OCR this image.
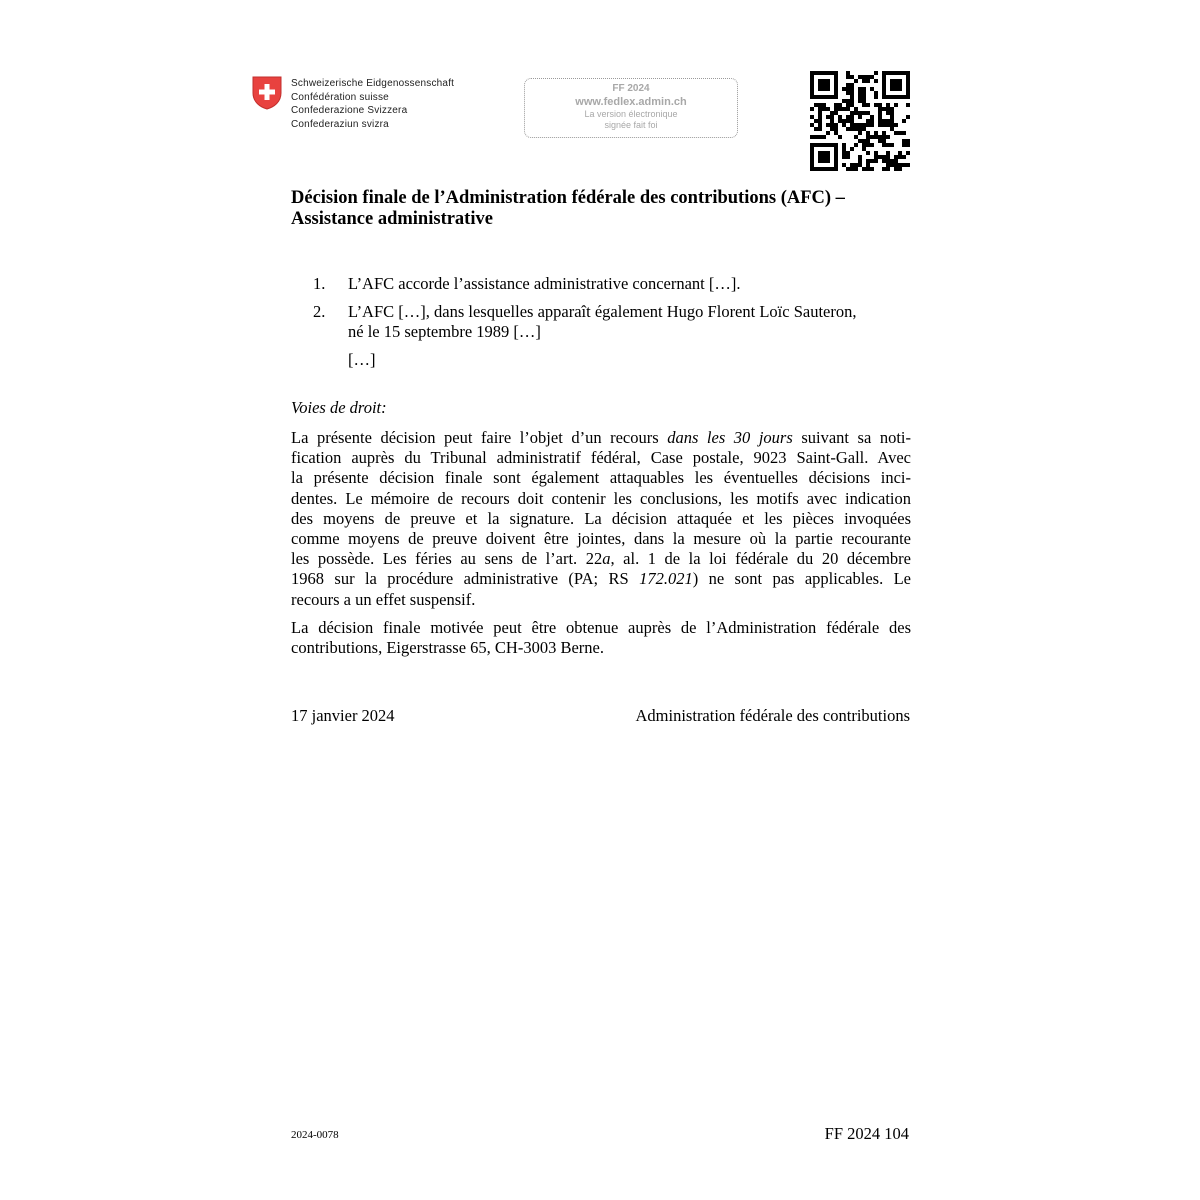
Schweizerische Eidgenossenschaft
Confédération suisse
Confederazione Svizzera
Confederaziun svizra
FF 2024
www.fedlex.admin.ch
La version électronique
signée fait foi
Décision finale de l’Administration fédérale des contributions (AFC) –
Assistance administrative
1. L’AFC accorde l’assistance administrative concernant […].
2. L’AFC […], dans lesquelles apparaît également Hugo Florent Loïc Sauteron,
né le 15 septembre 1989 […]
[…]
Voies de droit:
La présente décision peut faire l’objet d’un recours dans les 30 jours suivant sa noti-
fication auprès du Tribunal administratif fédéral, Case postale, 9023 Saint-Gall. Avec
la présente décision finale sont également attaquables les éventuelles décisions inci-
dentes. Le mémoire de recours doit contenir les conclusions, les motifs avec indication
des moyens de preuve et la signature. La décision attaquée et les pièces invoquées
comme moyens de preuve doivent être jointes, dans la mesure où la partie recourante
les possède. Les féries au sens de l’art. 22a, al. 1 de la loi fédérale du 20 décembre
1968 sur la procédure administrative (PA; RS 172.021) ne sont pas applicables. Le
recours a un effet suspensif.
La décision finale motivée peut être obtenue auprès de l’Administration fédérale des
contributions, Eigerstrasse 65, CH-3003 Berne.
17 janvier 2024	Administration fédérale des contributions
2024-0078	FF 2024 104
